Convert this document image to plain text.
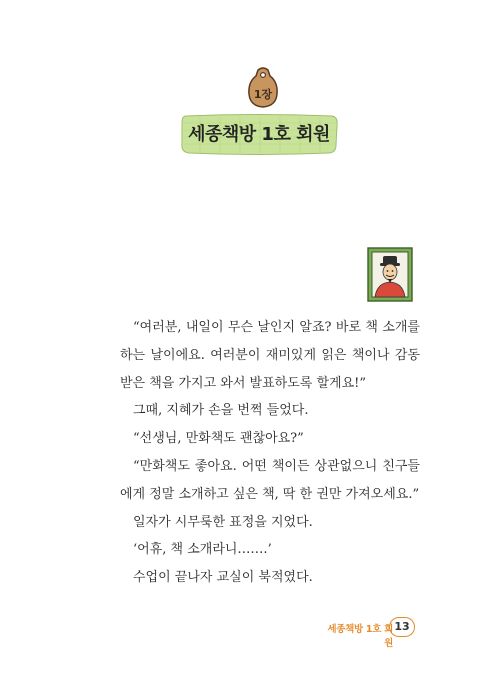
1장
세종책방 1호 회원

“여러분, 내일이 무슨 날인지 알죠? 바로 책 소개를 하는 날이에요. 여러분이 재미있게 읽은 책이나 감동받은 책을 가지고 와서 발표하도록 할게요!”

그때, 지혜가 손을 번쩍 들었다.

“선생님, 만화책도 괜찮아요?”

“만화책도 좋아요. 어떤 책이든 상관없으니 친구들에게 정말 소개하고 싶은 책, 딱 한 권만 가져오세요.”

일자가 시무룩한 표정을 지었다.

‘어휴, 책 소개라니…….’

수업이 끝나자 교실이 북적였다.

세종책방 1호 회원
13
